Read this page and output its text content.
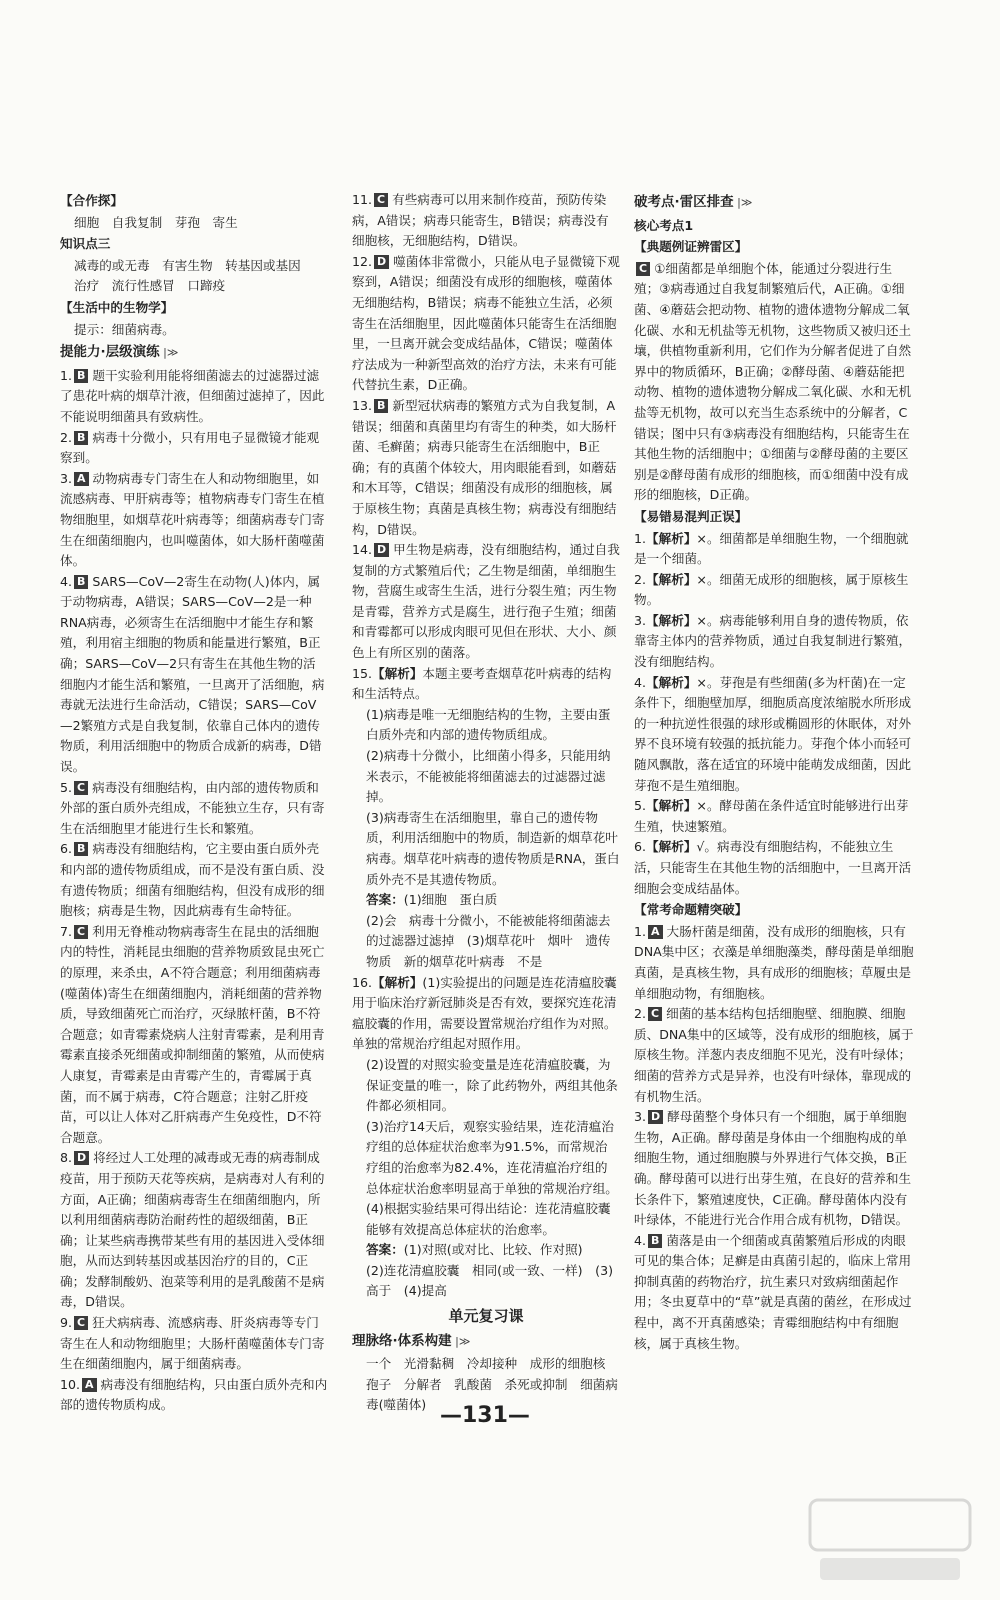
【合作探】
细胞　自我复制　芽孢　寄生
知识点三
减毒的或无毒　有害生物　转基因或基因
治疗　流行性感冒　口蹄疫
【生活中的生物学】
提示：细菌病毒。
提能力·层级演练 |≫
1. B 题干实验利用能将细菌滤去的过滤器过滤了患花叶病的烟草汁液，但细菌过滤掉了，因此不能说明细菌具有致病性。
2. B 病毒十分微小，只有用电子显微镜才能观察到。
3. A 动物病毒专门寄生在人和动物细胞里，如流感病毒、甲肝病毒等；植物病毒专门寄生在植物细胞里，如烟草花叶病毒等；细菌病毒专门寄生在细菌细胞内，也叫噬菌体，如大肠杆菌噬菌体。
4. B SARS—CoV—2寄生在动物(人)体内，属于动物病毒，A错误；SARS—CoV—2是一种RNA病毒，必须寄生在活细胞中才能生存和繁殖，利用宿主细胞的物质和能量进行繁殖，B正确；SARS—CoV—2只有寄生在其他生物的活细胞内才能生活和繁殖，一旦离开了活细胞，病毒就无法进行生命活动，C错误；SARS—CoV—2繁殖方式是自我复制，依靠自己体内的遗传物质，利用活细胞中的物质合成新的病毒，D错误。
5. C 病毒没有细胞结构，由内部的遗传物质和外部的蛋白质外壳组成，不能独立生存，只有寄生在活细胞里才能进行生长和繁殖。
6. B 病毒没有细胞结构，它主要由蛋白质外壳和内部的遗传物质组成，而不是没有蛋白质、没有遗传物质；细菌有细胞结构，但没有成形的细胞核；病毒是生物，因此病毒有生命特征。
7. C 利用无脊椎动物病毒寄生在昆虫的活细胞内的特性，消耗昆虫细胞的营养物质致昆虫死亡的原理，来杀虫，A不符合题意；利用细菌病毒(噬菌体)寄生在细菌细胞内，消耗细菌的营养物质，导致细菌死亡而治疗，灭绿脓杆菌，B不符合题意；如青霉素烧病人注射青霉素，是利用青霉素直接杀死细菌或抑制细菌的繁殖，从而使病人康复，青霉素是由青霉产生的，青霉属于真菌，而不属于病毒，C符合题意；注射乙肝疫苗，可以让人体对乙肝病毒产生免疫性，D不符合题意。
8. D 将经过人工处理的减毒或无毒的病毒制成疫苗，用于预防天花等疾病，是病毒对人有利的方面，A正确；细菌病毒寄生在细菌细胞内，所以利用细菌病毒防治耐药性的超级细菌，B正确；让某些病毒携带某些有用的基因进入受体细胞，从而达到转基因或基因治疗的目的，C正确；发酵制酸奶、泡菜等利用的是乳酸菌不是病毒，D错误。
9. C 狂犬病病毒、流感病毒、肝炎病毒等专门寄生在人和动物细胞里；大肠杆菌噬菌体专门寄生在细菌细胞内，属于细菌病毒。
10. A 病毒没有细胞结构，只由蛋白质外壳和内部的遗传物质构成。
11. C 有些病毒可以用来制作疫苗，预防传染病，A错误；病毒只能寄生，B错误；病毒没有细胞核，无细胞结构，D错误。
12. D 噬菌体非常微小，只能从电子显微镜下观察到，A错误；细菌没有成形的细胞核，噬菌体无细胞结构，B错误；病毒不能独立生活，必须寄生在活细胞里，因此噬菌体只能寄生在活细胞里，一旦离开就会变成结晶体，C错误；噬菌体疗法成为一种新型高效的治疗方法，未来有可能代替抗生素，D正确。
13. B 新型冠状病毒的繁殖方式为自我复制，A错误；细菌和真菌里均有寄生的种类，如大肠杆菌、毛癣菌；病毒只能寄生在活细胞中，B正确；有的真菌个体较大，用肉眼能看到，如蘑菇和木耳等，C错误；细菌没有成形的细胞核，属于原核生物；真菌是真核生物；病毒没有细胞结构，D错误。
14. D 甲生物是病毒，没有细胞结构，通过自我复制的方式繁殖后代；乙生物是细菌，单细胞生物，营腐生或寄生生活，进行分裂生殖；丙生物是青霉，营养方式是腐生，进行孢子生殖；细菌和青霉都可以形成肉眼可见但在形状、大小、颜色上有所区别的菌落。
15.【解析】本题主要考查烟草花叶病毒的结构和生活特点。
(1)病毒是唯一无细胞结构的生物，主要由蛋白质外壳和内部的遗传物质组成。
(2)病毒十分微小，比细菌小得多，只能用纳米表示，不能被能将细菌滤去的过滤器过滤掉。
(3)病毒寄生在活细胞里，靠自己的遗传物质，利用活细胞中的物质，制造新的烟草花叶病毒。烟草花叶病毒的遗传物质是RNA，蛋白质外壳不是其遗传物质。
答案：(1)细胞　蛋白质
(2)会　病毒十分微小，不能被能将细菌滤去的过滤器过滤掉　(3)烟草花叶　烟叶　遗传物质　新的烟草花叶病毒　不是
16.【解析】(1)实验提出的问题是连花清瘟胶囊用于临床治疗新冠肺炎是否有效，要探究连花清瘟胶囊的作用，需要设置常规治疗组作为对照。单独的常规治疗组起对照作用。
(2)设置的对照实验变量是连花清瘟胶囊，为保证变量的唯一，除了此药物外，两组其他条件都必须相同。
(3)治疗14天后，观察实验结果，连花清瘟治疗组的总体症状治愈率为91.5%，而常规治疗组的治愈率为82.4%，连花清瘟治疗组的总体症状治愈率明显高于单独的常规治疗组。
(4)根据实验结果可得出结论：连花清瘟胶囊能够有效提高总体症状的治愈率。
答案：(1)对照(或对比、比较、作对照)
(2)连花清瘟胶囊　相同(或一致、一样)　(3)高于　(4)提高
单元复习课
理脉络·体系构建 |≫
一个　光滑黏稠　冷却接种　成形的细胞核　孢子　分解者　乳酸菌　杀死或抑制　细菌病毒(噬菌体)
破考点·雷区排查 |≫
核心考点1
【典题例证辨雷区】
C ①细菌都是单细胞个体，能通过分裂进行生殖；③病毒通过自我复制繁殖后代，A正确。①细菌、④蘑菇会把动物、植物的遗体遗物分解成二氧化碳、水和无机盐等无机物，这些物质又被归还土壤，供植物重新利用，它们作为分解者促进了自然界中的物质循环，B正确；②酵母菌、④蘑菇能把动物、植物的遗体遗物分解成二氧化碳、水和无机盐等无机物，故可以充当生态系统中的分解者，C错误；图中只有③病毒没有细胞结构，只能寄生在其他生物的活细胞中；①细菌与②酵母菌的主要区别是②酵母菌有成形的细胞核，而①细菌中没有成形的细胞核，D正确。
【易错易混判正误】
1.【解析】×。细菌都是单细胞生物，一个细胞就是一个细菌。
2.【解析】×。细菌无成形的细胞核，属于原核生物。
3.【解析】×。病毒能够利用自身的遗传物质，依靠寄主体内的营养物质，通过自我复制进行繁殖，没有细胞结构。
4.【解析】×。芽孢是有些细菌(多为杆菌)在一定条件下，细胞壁加厚，细胞质高度浓缩脱水所形成的一种抗逆性很强的球形或椭圆形的休眠体，对外界不良环境有较强的抵抗能力。芽孢个体小而轻可随风飘散，落在适宜的环境中能萌发成细菌，因此芽孢不是生殖细胞。
5.【解析】×。酵母菌在条件适宜时能够进行出芽生殖，快速繁殖。
6.【解析】√。病毒没有细胞结构，不能独立生活，只能寄生在其他生物的活细胞中，一旦离开活细胞会变成结晶体。
【常考命题精突破】
1. A 大肠杆菌是细菌，没有成形的细胞核，只有DNA集中区；衣藻是单细胞藻类，酵母菌是单细胞真菌，是真核生物，具有成形的细胞核；草履虫是单细胞动物，有细胞核。
2. C 细菌的基本结构包括细胞壁、细胞膜、细胞质、DNA集中的区域等，没有成形的细胞核，属于原核生物。洋葱内表皮细胞不见光，没有叶绿体；细菌的营养方式是异养，也没有叶绿体，靠现成的有机物生活。
3. D 酵母菌整个身体只有一个细胞，属于单细胞生物，A正确。酵母菌是身体由一个细胞构成的单细胞生物，通过细胞膜与外界进行气体交换，B正确。酵母菌可以进行出芽生殖，在良好的营养和生长条件下，繁殖速度快，C正确。酵母菌体内没有叶绿体，不能进行光合作用合成有机物，D错误。
4. B 菌落是由一个细菌或真菌繁殖后形成的肉眼可见的集合体；足癣是由真菌引起的，临床上常用抑制真菌的药物治疗，抗生素只对致病细菌起作用；冬虫夏草中的“草”就是真菌的菌丝，在形成过程中，离不开真菌感染；青霉细胞结构中有细胞核，属于真核生物。
—131—
